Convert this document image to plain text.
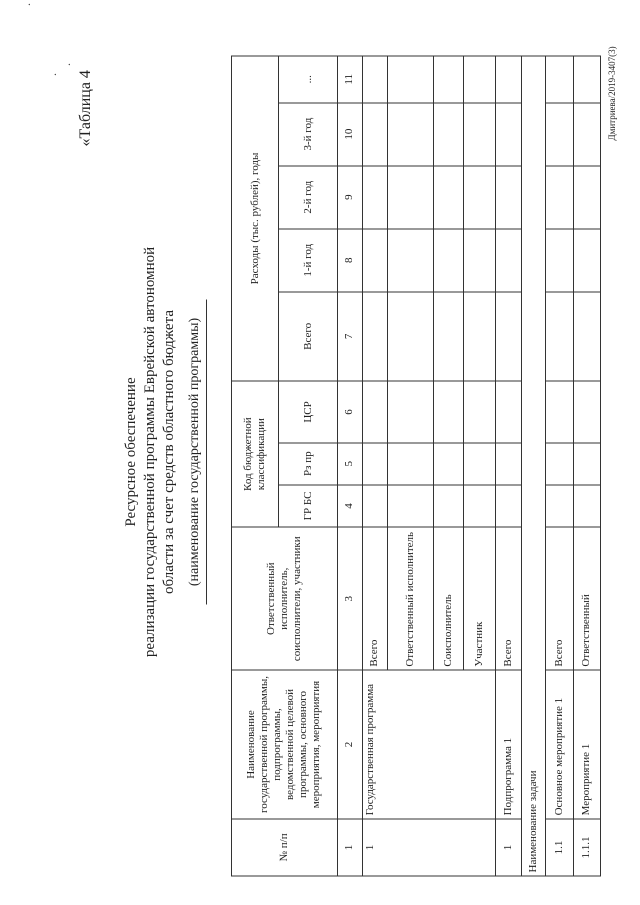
·
·
· «Таблица 4
Ресурсное обеспечение реализации государственной программы Еврейской автономной области за счет средств областного бюджета (наименование государственной программы)
№ п/п	Наименование государственной программы, подпрограммы, ведомственной целевой программы, основного мероприятия, мероприятия	Ответственный исполнитель, соисполнители, участники	Код бюджетной классификации			Расходы (тыс. рублей), годы				
			ГР БС	Рз пр	ЦСР	Всего	1-й год	2-й год	3-й год	...
1	2	3	4	5	6	7	8	9	10	11
1	Государственная программа	Всего								
		Ответственный исполнитель								
		Соисполнитель								
		Участник								
1	Подпрограмма 1	Всего								
Наименование задачи										
1.1	Основное мероприятие 1	Всего								
1.1.1	Мероприятие 1	Ответственный								
Дмитриева/2019-3407(3)
